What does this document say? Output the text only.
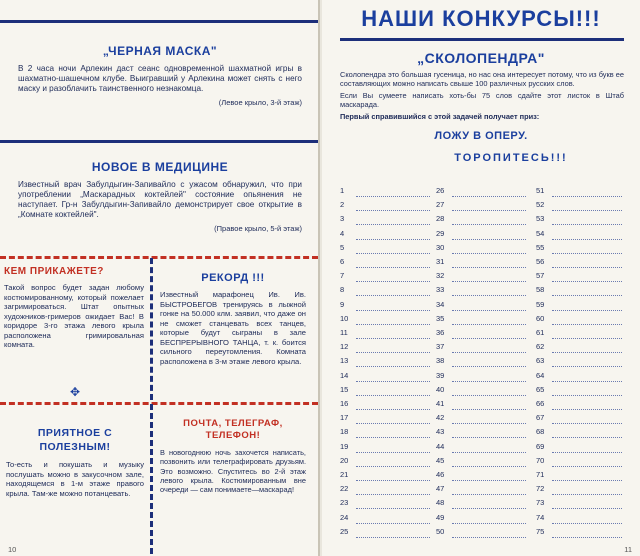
„ЧЕРНАЯ МАСКА"
В 2 часа ночи Арлекин даст сеанс одновременной шахматной игры в шахматно-шашечном клубе. Выигравший у Арлекина может снять с него маску и разоблачить таинственного незнакомца.
(Левое крыло, 3-й этаж)
НОВОЕ В МЕДИЦИНЕ
Известный врач Забулдыгин-Запивайло с ужасом обнаружил, что при употреблении „Маскарадных коктейлей" состояние опьянения не наступает. Гр-н Забулдыгин-Запивайло демонстрирует свое открытие в „Комнате коктейлей".
(Правое крыло, 5-й этаж)
КЕМ ПРИКАЖЕТЕ?
Такой вопрос будет задан любому костюмированному, который пожелает загримироваться. Штат опытных художников-гримеров ожидает Вас! В коридоре 3-го этажа левого крыла расположена гримировальная комната.
РЕКОРД !!!
Известный марафонец Ив. Ив. БЫСТРОБЕГОВ тренируясь в лыжной гонке на 50.000 клм. заявил, что даже он не сможет станцевать всех танцев, которые будут сыграны в зале БЕСПРЕРЫВНОГО ТАНЦА, т. к. боится сильного переутомления. Комната расположена в 3-м этаже левого крыла.
✥
ПРИЯТНОЕ С ПОЛЕЗНЫМ!
То-есть и покушать и музыку послушать можно в закусочном зале, находящемся в 1-м этаже правого крыла. Там-же можно потанцевать.
ПОЧТА, ТЕЛЕГРАФ, ТЕЛЕФОН!
В новогоднюю ночь захочется написать, позвонить или телеграфировать друзьям. Это возможно. Спуститесь во 2-й этаж левого крыла. Костюмированным вне очереди — сам понимаете—маскарад!
10
НАШИ КОНКУРСЫ!!!
„СКОЛОПЕНДРА"
Сколопендра это большая гусеница, но нас она интересует потому, что из букв ее составляющих можно написать свыше 100 различных русских слов.
Если Вы сумеете написать хоть-бы 75 слов сдайте этот листок в Штаб маскарада.
Первый справившийся с этой задачей получает приз:
ЛОЖУ В ОПЕРУ.
ТОРОПИТЕСЬ!!!
1
2
3
4
5
6
7
8
9
10
11
12
13
14
15
16
17
18
19
20
21
22
23
24
25
26
27
28
29
30
31
32
33
34
35
36
37
38
39
40
41
42
43
44
45
46
47
48
49
50
51
52
53
54
55
56
57
58
59
60
61
62
63
64
65
66
67
68
69
70
71
72
73
74
75
11
